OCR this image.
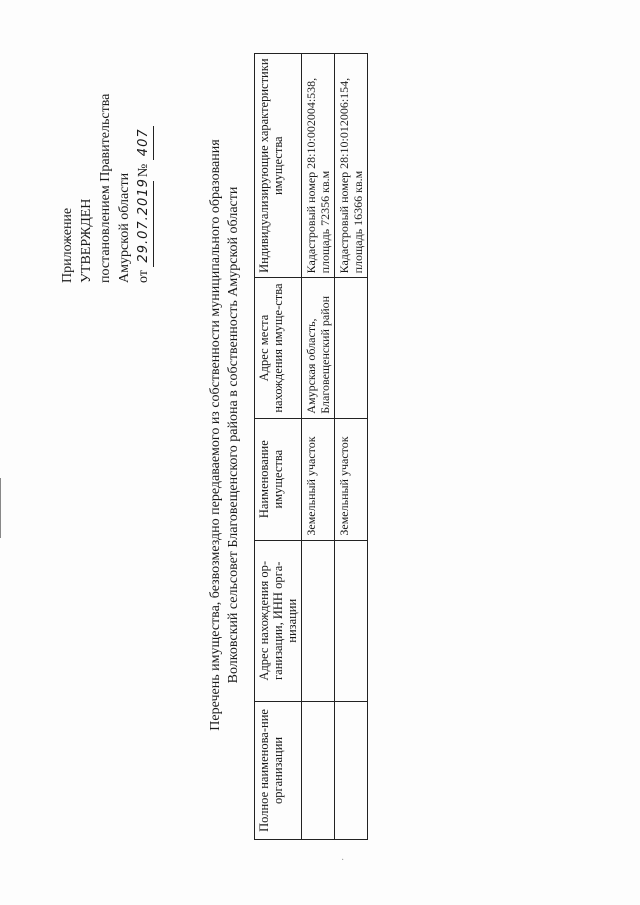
·
Приложение УТВЕРЖДЕН постановлением Правительства Амурской области от 29.07.2019 № 407	Перечень имущества, безвозмездно передаваемого из собственности муниципального образования Волковский сельсовет Благовещенского района в собственность Амурской области
Полное наименова-ние организации	Адрес нахождения ор-ганизации, ИНН орга-низации	Наименование имущества	Адрес места нахождения имуще-ства	Индивидуализирующие характеристики имущества
		Земельный участок	Амурская область, Благовещенский район	Кадастровый номер 28:10:002004:538, площадь 72356 кв.м
		Земельный участок		Кадастровый номер 28:10:012006:154, площадь 16366 кв.м
